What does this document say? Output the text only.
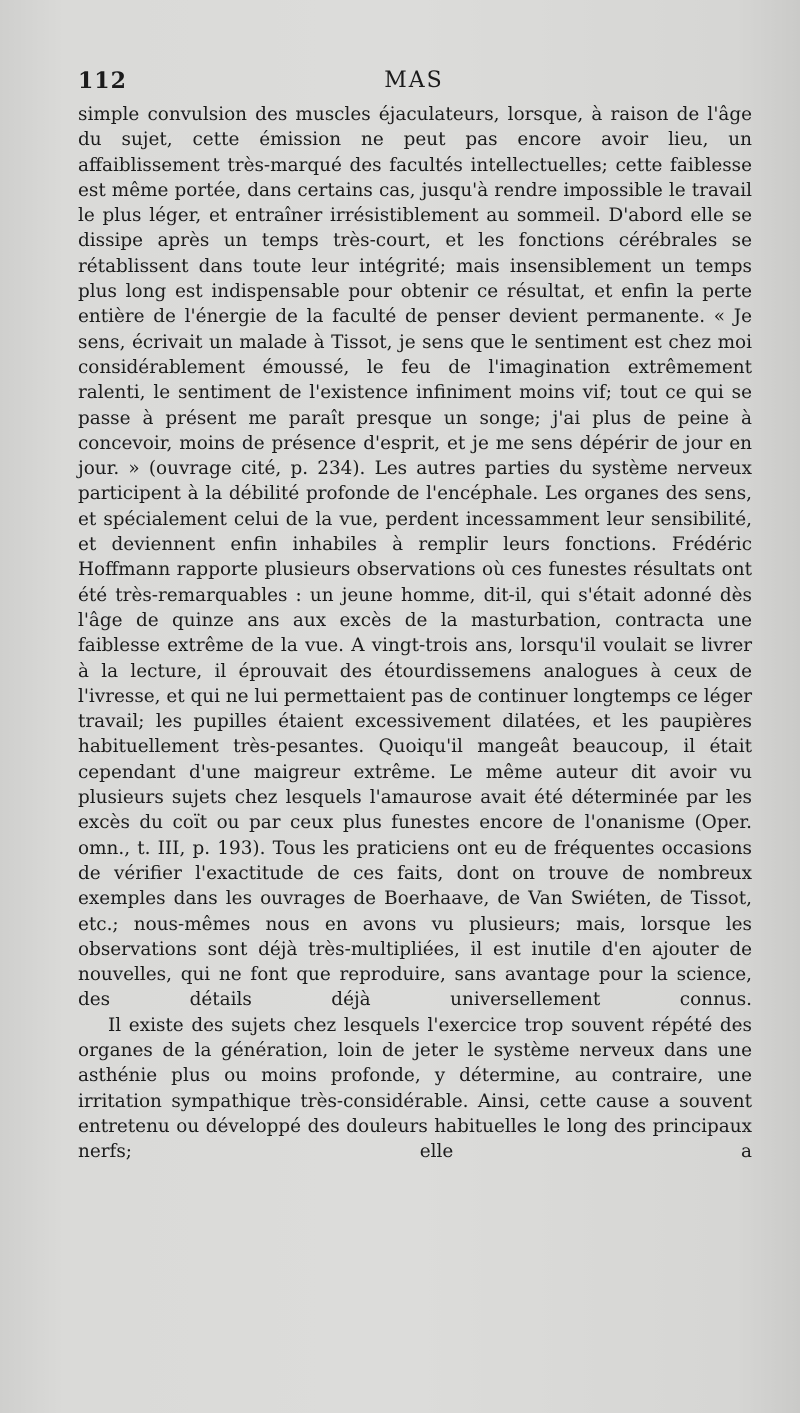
112	MAS

simple convulsion des muscles éjaculateurs, lorsque, à raison de l'âge du sujet, cette émission ne peut pas encore avoir lieu, un affaiblissement très-marqué des facultés intellectuelles; cette faiblesse est même portée, dans certains cas, jusqu'à rendre impossible le travail le plus léger, et entraîner irrésistiblement au sommeil. D'abord elle se dissipe après un temps très-court, et les fonctions cérébrales se rétablissent dans toute leur intégrité; mais insensiblement un temps plus long est indispensable pour obtenir ce résultat, et enfin la perte entière de l'énergie de la faculté de penser devient permanente. « Je sens, écrivait un malade à Tissot, je sens que le sentiment est chez moi considérablement émoussé, le feu de l'imagination extrêmement ralenti, le sentiment de l'existence infiniment moins vif; tout ce qui se passe à présent me paraît presque un songe; j'ai plus de peine à concevoir, moins de présence d'esprit, et je me sens dépérir de jour en jour. » (ouvrage cité, p. 234). Les autres parties du système nerveux participent à la débilité profonde de l'encéphale. Les organes des sens, et spécialement celui de la vue, perdent incessamment leur sensibilité, et deviennent enfin inhabiles à remplir leurs fonctions. Frédéric Hoffmann rapporte plusieurs observations où ces funestes résultats ont été très-remarquables : un jeune homme, dit-il, qui s'était adonné dès l'âge de quinze ans aux excès de la masturbation, contracta une faiblesse extrême de la vue. A vingt-trois ans, lorsqu'il voulait se livrer à la lecture, il éprouvait des étourdissemens analogues à ceux de l'ivresse, et qui ne lui permettaient pas de continuer longtemps ce léger travail; les pupilles étaient excessivement dilatées, et les paupières habituellement très-pesantes. Quoiqu'il mangeât beaucoup, il était cependant d'une maigreur extrême. Le même auteur dit avoir vu plusieurs sujets chez lesquels l'amaurose avait été déterminée par les excès du coït ou par ceux plus funestes encore de l'onanisme (Oper. omn., t. III, p. 193). Tous les praticiens ont eu de fréquentes occasions de vérifier l'exactitude de ces faits, dont on trouve de nombreux exemples dans les ouvrages de Boerhaave, de Van Swiéten, de Tissot, etc.; nous-mêmes nous en avons vu plusieurs; mais, lorsque les observations sont déjà très-multipliées, il est inutile d'en ajouter de nouvelles, qui ne font que reproduire, sans avantage pour la science, des détails déjà universellement connus.

Il existe des sujets chez lesquels l'exercice trop souvent répété des organes de la génération, loin de jeter le système nerveux dans une asthénie plus ou moins profonde, y détermine, au contraire, une irritation sympathique très-considérable. Ainsi, cette cause a souvent entretenu ou développé des douleurs habituelles le long des principaux nerfs; elle a
